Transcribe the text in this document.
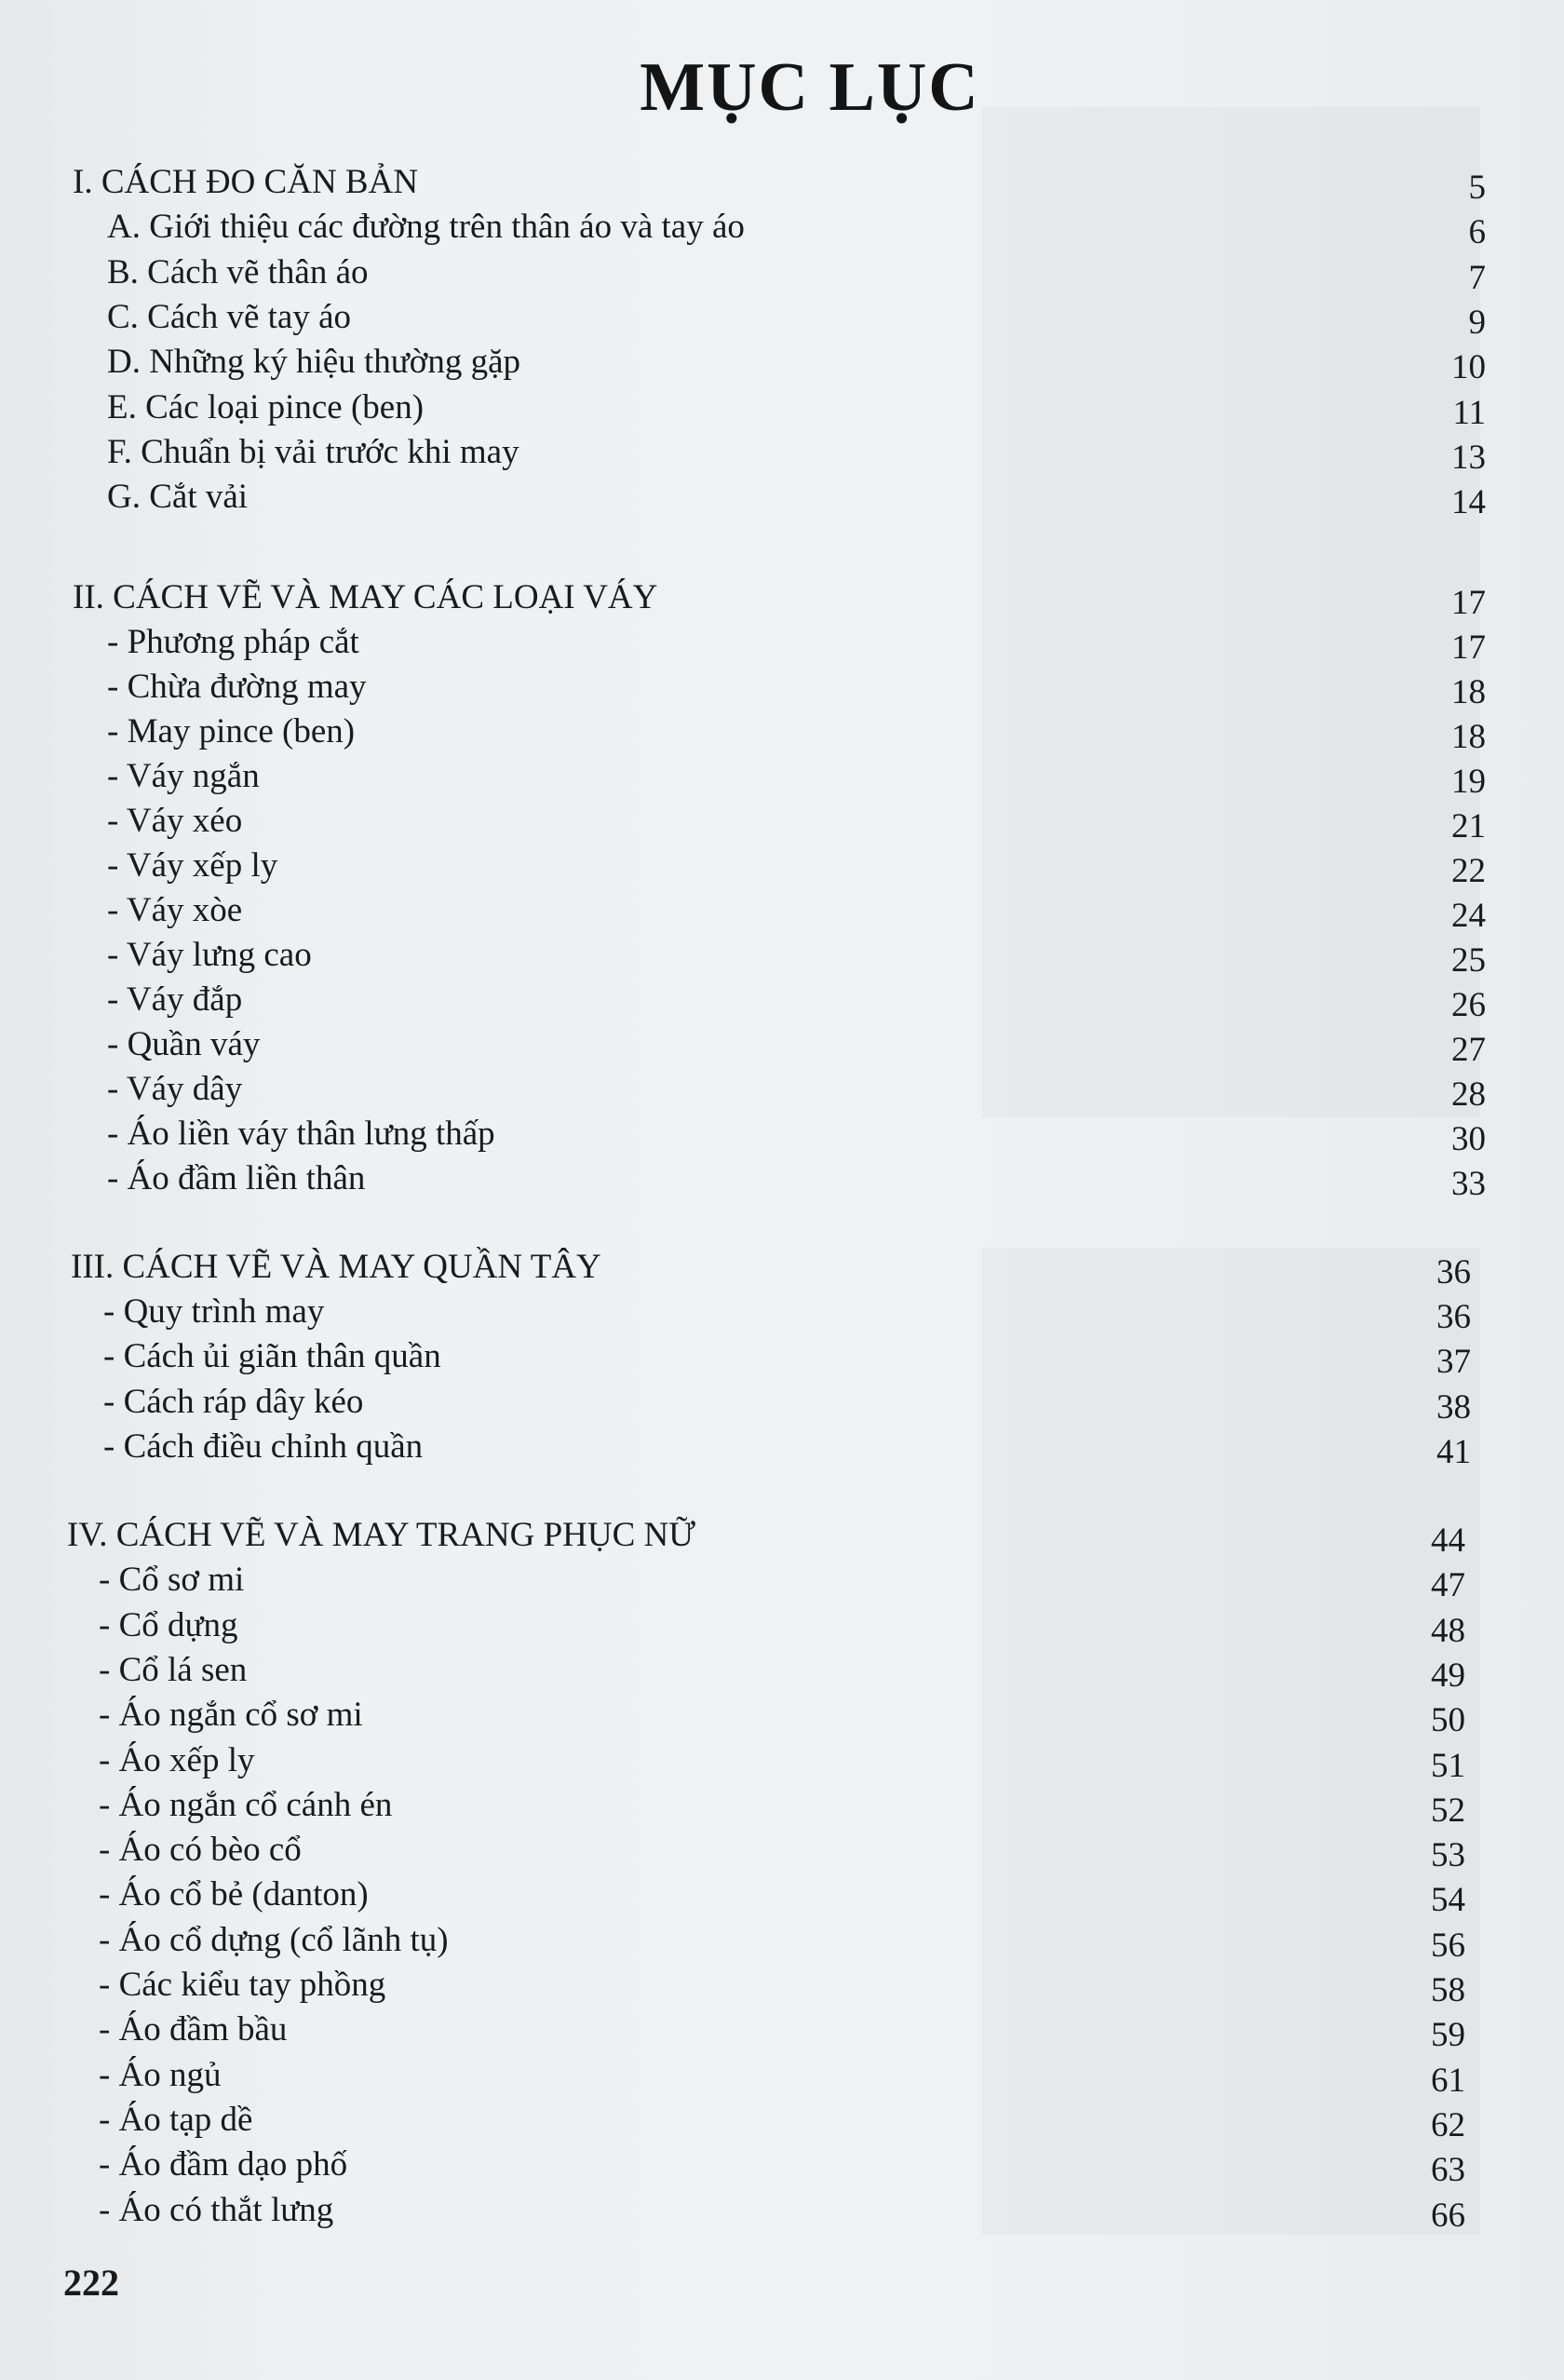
MỤC LỤC
I. CÁCH ĐO CĂN BẢN	5
A. Giới thiệu các đường trên thân áo và tay áo	6
B. Cách vẽ thân áo	7
C. Cách vẽ tay áo	9
D. Những ký hiệu thường gặp	10
E. Các loại pince (ben)	11
F. Chuẩn bị vải trước khi may	13
G. Cắt vải	14
II. CÁCH VẼ VÀ MAY CÁC LOẠI VÁY	17
- Phương pháp cắt	17
- Chừa đường may	18
- May pince (ben)	18
- Váy ngắn	19
- Váy xéo	21
- Váy xếp ly	22
- Váy xòe	24
- Váy lưng cao	25
- Váy đắp	26
- Quần váy	27
- Váy dây	28
- Áo liền váy thân lưng thấp	30
- Áo đầm liền thân	33
III. CÁCH VẼ VÀ MAY QUẦN TÂY	36
- Quy trình may	36
- Cách ủi giãn thân quần	37
- Cách ráp dây kéo	38
- Cách điều chỉnh quần	41
IV. CÁCH VẼ VÀ MAY TRANG PHỤC NỮ	44
- Cổ sơ mi	47
- Cổ dựng	48
- Cổ lá sen	49
- Áo ngắn cổ sơ mi	50
- Áo xếp ly	51
- Áo ngắn cổ cánh én	52
- Áo có bèo cổ	53
- Áo cổ bẻ (danton)	54
- Áo cổ dựng (cổ lãnh tụ)	56
- Các kiểu tay phồng	58
- Áo đầm bầu	59
- Áo ngủ	61
- Áo tạp dề	62
- Áo đầm dạo phố	63
- Áo có thắt lưng	66
222
